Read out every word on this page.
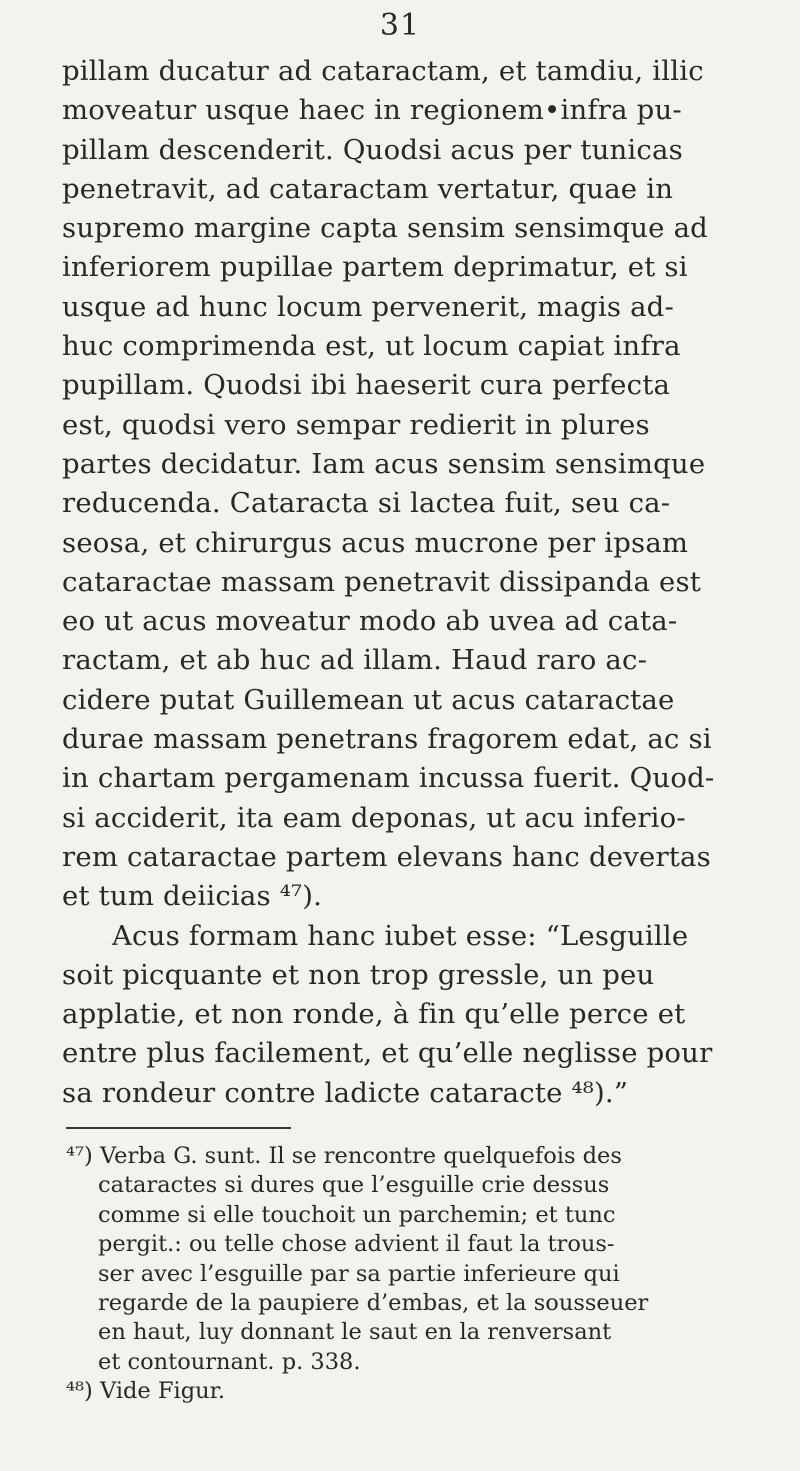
31
pillam ducatur ad cataractam, et tamdiu, illic
moveatur usque haec in regionem•infra pu-
pillam descenderit. Quodsi acus per tunicas
penetravit, ad cataractam vertatur, quae in
supremo margine capta sensim sensimque ad
inferiorem pupillae partem deprimatur, et si
usque ad hunc locum pervenerit, magis ad-
huc comprimenda est, ut locum capiat infra
pupillam. Quodsi ibi haeserit cura perfecta
est, quodsi vero sempar redierit in plures
partes decidatur. Iam acus sensim sensimque
reducenda. Cataracta si lactea fuit, seu ca-
seosa, et chirurgus acus mucrone per ipsam
cataractae massam penetravit dissipanda est
eo ut acus moveatur modo ab uvea ad cata-
ractam, et ab huc ad illam. Haud raro ac-
cidere putat Guillemean ut acus cataractae
durae massam penetrans fragorem edat, ac si
in chartam pergamenam incussa fuerit. Quod-
si acciderit, ita eam deponas, ut acu inferio-
rem cataractae partem elevans hanc devertas
et tum deiicias ⁴⁷).
Acus formam hanc iubet esse: “Lesguille
soit picquante et non trop gressle, un peu
applatie, et non ronde, à fin qu’elle perce et
entre plus facilement, et qu’elle neglisse pour
sa rondeur contre ladicte cataracte ⁴⁸).”
⁴⁷) Verba G. sunt. Il se rencontre quelquefois des
cataractes si dures que l’esguille crie dessus
comme si elle touchoit un parchemin; et tunc
pergit.: ou telle chose advient il faut la trous-
ser avec l’esguille par sa partie inferieure qui
regarde de la paupiere d’embas, et la sousseuer
en haut, luy donnant le saut en la renversant
et contournant. p. 338.
⁴⁸) Vide Figur.
